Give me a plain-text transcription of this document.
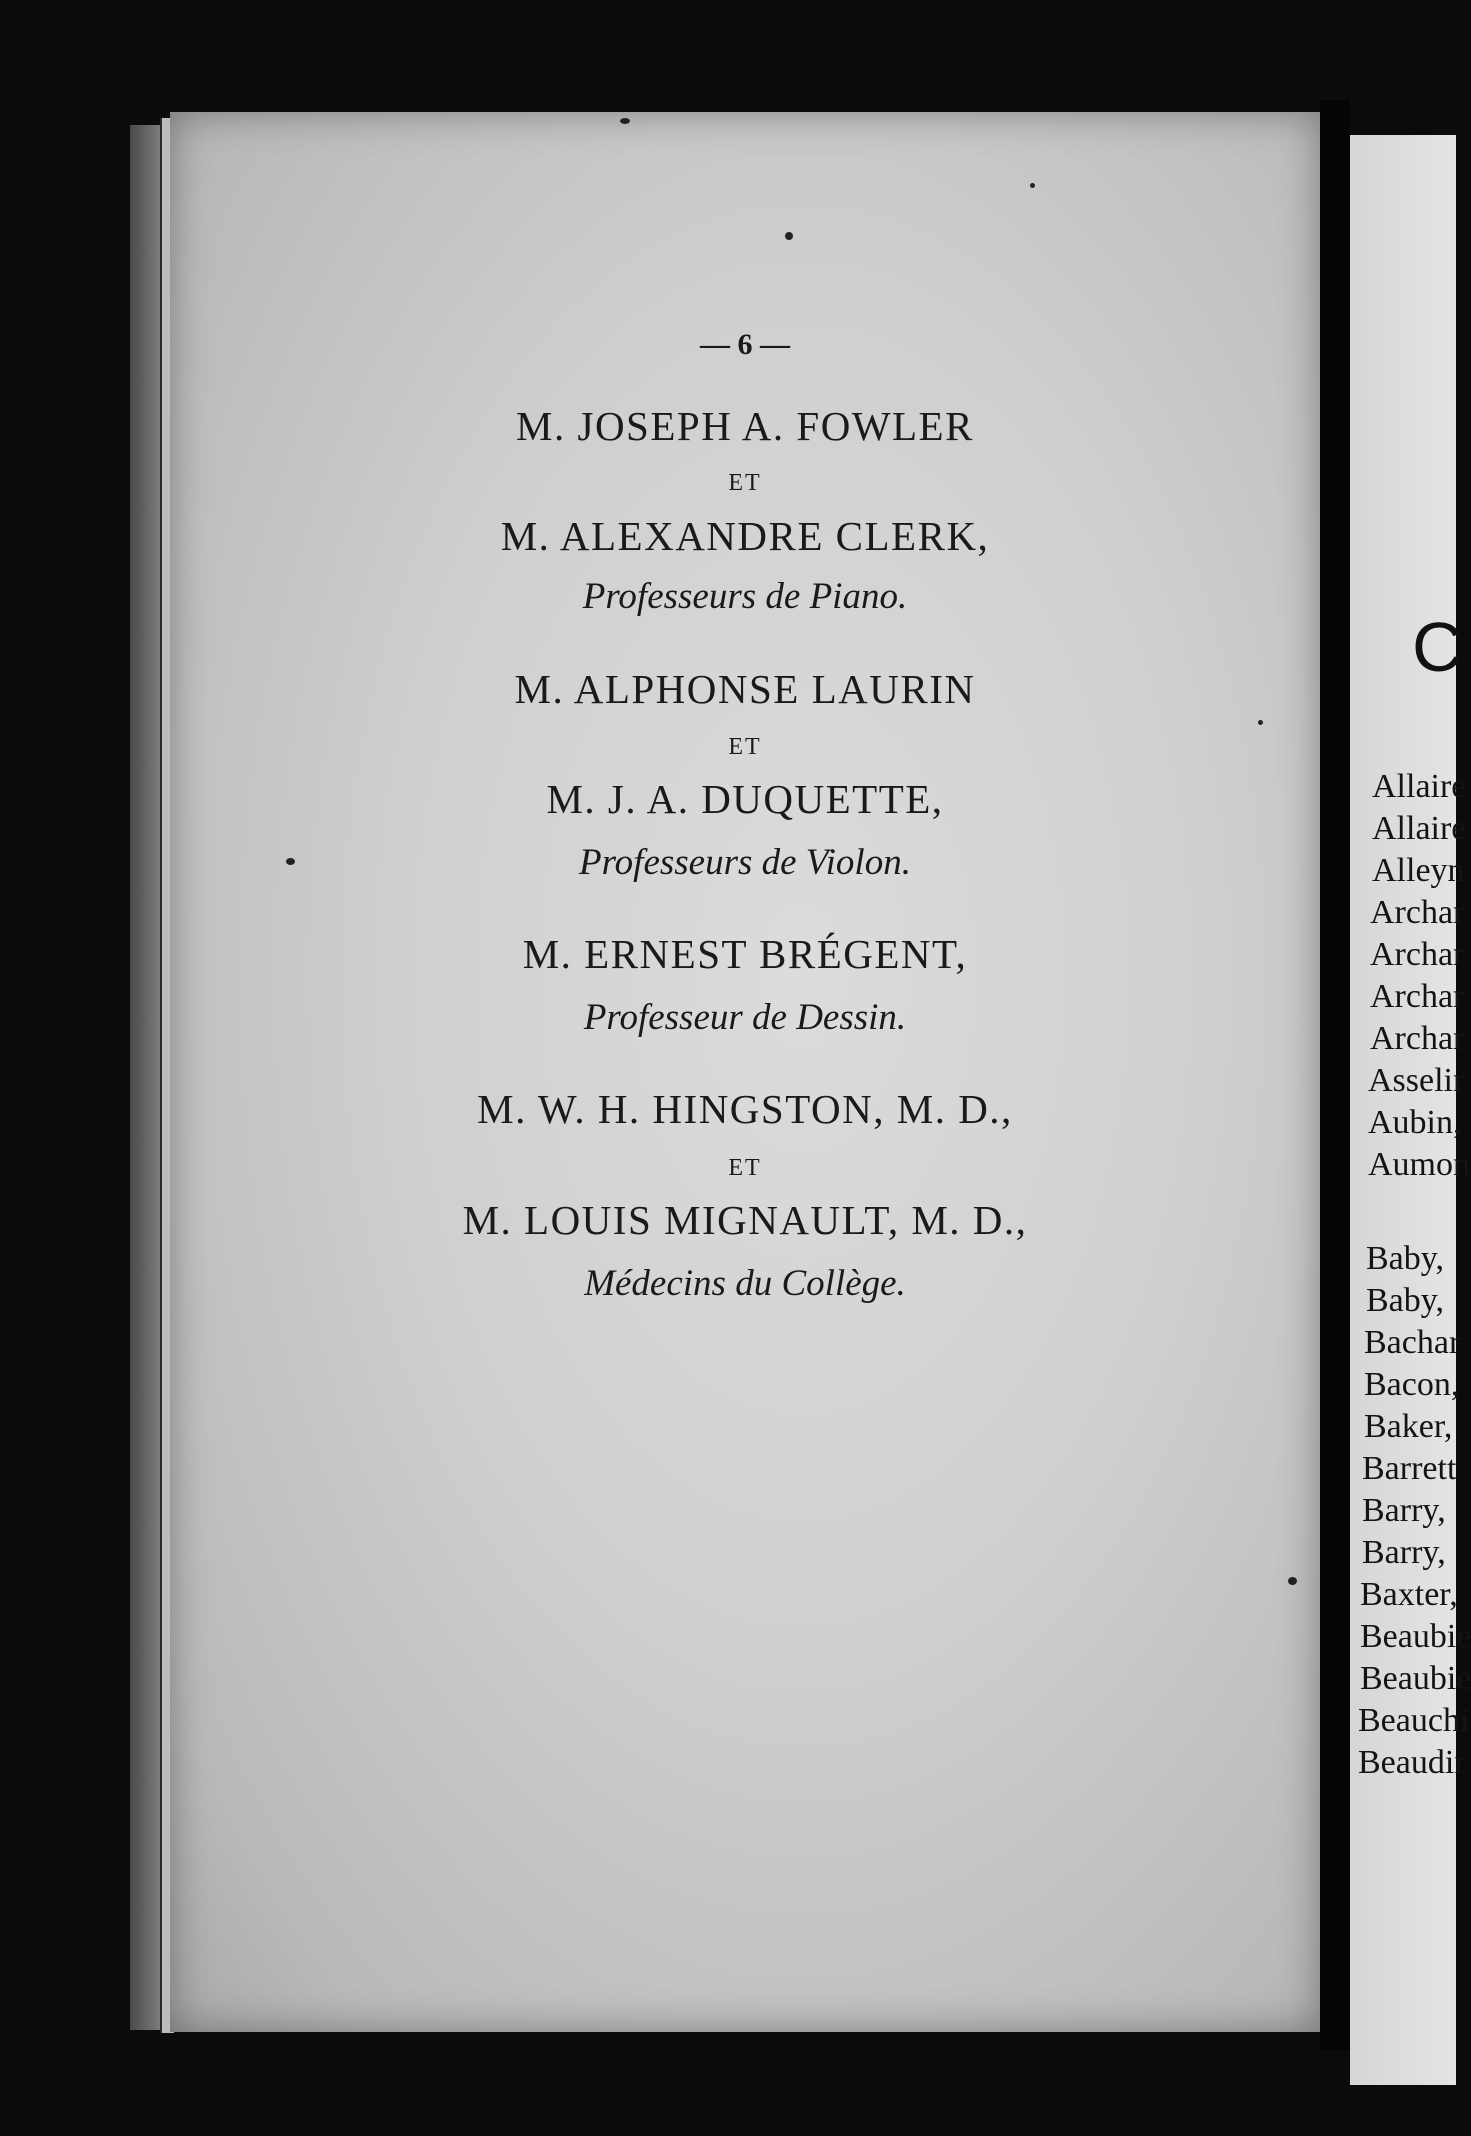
— 6 —
M. JOSEPH A. FOWLER
ET
M. ALEXANDRE CLERK,
Professeurs de Piano.
M. ALPHONSE LAURIN
ET
M. J. A. DUQUETTE,
Professeurs de Violon.
M. ERNEST BRÉGENT,
Professeur de Dessin.
M. W. H. HINGSTON, M. D.,
ET
M. LOUIS MIGNAULT, M. D.,
Médecins du Collège.
C
Allaire
Allaire
Alleyn
Archar
Archar
Archar
Archar
Asselir
Aubin,
Aumon
Baby,
Baby,
Bachar
Bacon,
Baker,
Barrett
Barry,
Barry,
Baxter,
Beaubie
Beaubie
Beauchi
Beaudir
